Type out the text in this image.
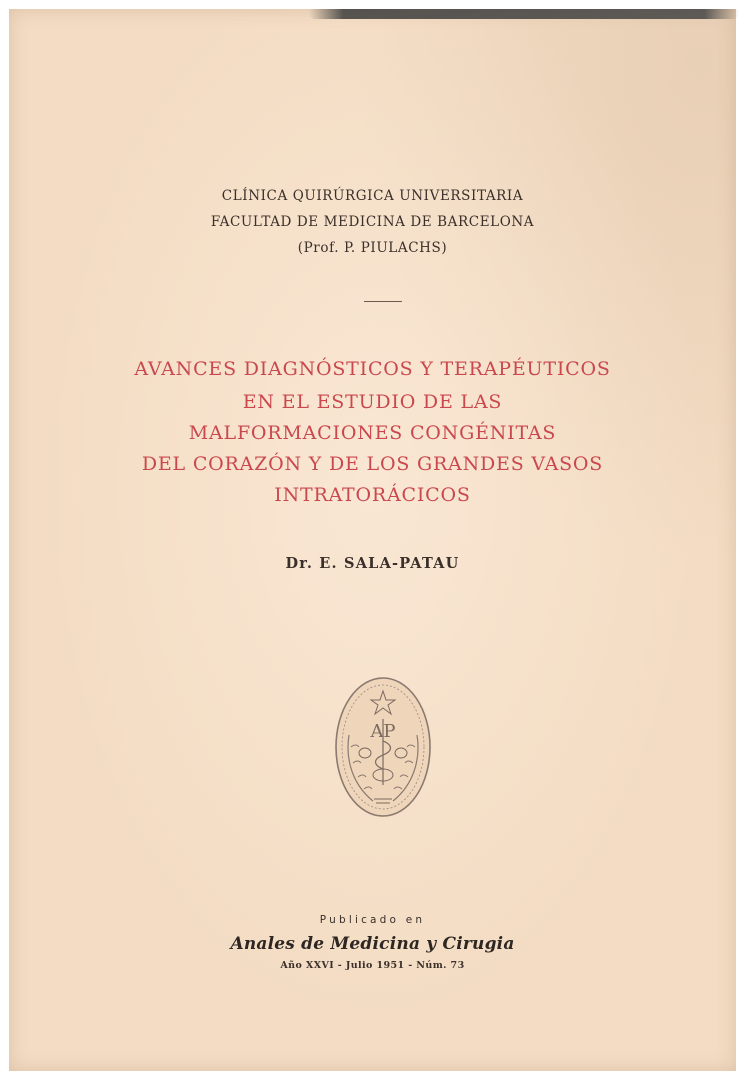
CLÍNICA QUIRÚRGICA UNIVERSITARIA
FACULTAD DE MEDICINA DE BARCELONA
(Prof. P. PIULACHS)
AVANCES DIAGNÓSTICOS Y TERAPÉUTICOS
EN EL ESTUDIO DE LAS
MALFORMACIONES CONGÉNITAS
DEL CORAZÓN Y DE LOS GRANDES VASOS
INTRATORÁCICOS
Dr. E. SALA-PATAU
AP
Publicado en
Anales de Medicina y Cirugia
Año XXVI - Julio 1951 - Núm. 73
